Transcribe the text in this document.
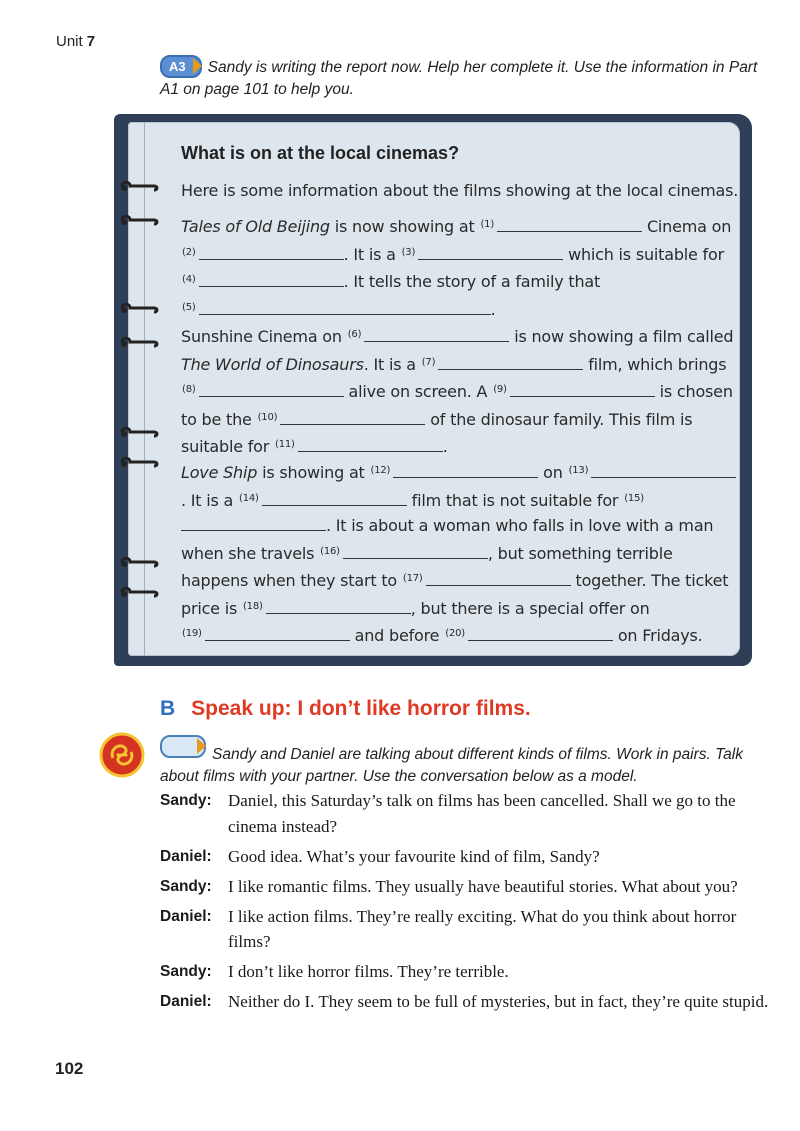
Unit 7
A3 Sandy is writing the report now. Help her complete it. Use the information in Part A1 on page 101 to help you.
What is on at the local cinemas?
Here is some information about the films showing at the local cinemas.
Tales of Old Beijing is now showing at $^{(1)}$	Cinema on
$^{(2)}$	. It is a $^{(3)}$	which is suitable for
$^{(4)}$	. It tells the story of a family that
$^{(5)}$	.
Sunshine Cinema on $^{(6)}$	is now showing a film called
The World of Dinosaurs. It is a $^{(7)}$	film, which brings
$^{(8)}$	alive on screen. A $^{(9)}$	is chosen to be the $^{(10)}$	of the dinosaur family. This film is suitable for $^{(11)}$	.
Love Ship is showing at $^{(12)}$	on $^{(13)}$. It is a $^{(14)}$	film that is not suitable for $^{(15)}$. It is about a woman who falls in love with a man when she travels $^{(16)}$	, but something terrible happens when they start to $^{(17)}$	together. The ticket price is $^{(18)}$	, but there is a special offer on
$^{(19)}$	and before $^{(20)}$	on Fridays.
B Speak up: I don’t like horror films.
Sandy and Daniel are talking about different kinds of films. Work in pairs. Talk about films with your partner. Use the conversation below as a model.
Sandy: Daniel, this Saturday’s talk on films has been cancelled. Shall we go to the cinema instead?
Daniel: Good idea. What’s your favourite kind of film, Sandy?
Sandy: I like romantic films. They usually have beautiful stories. What about you?
Daniel: I like action films. They’re really exciting. What do you think about horror films?
Sandy: I don’t like horror films. They’re terrible.
Daniel: Neither do I. They seem to be full of mysteries, but in fact, they’re quite stupid.
102
